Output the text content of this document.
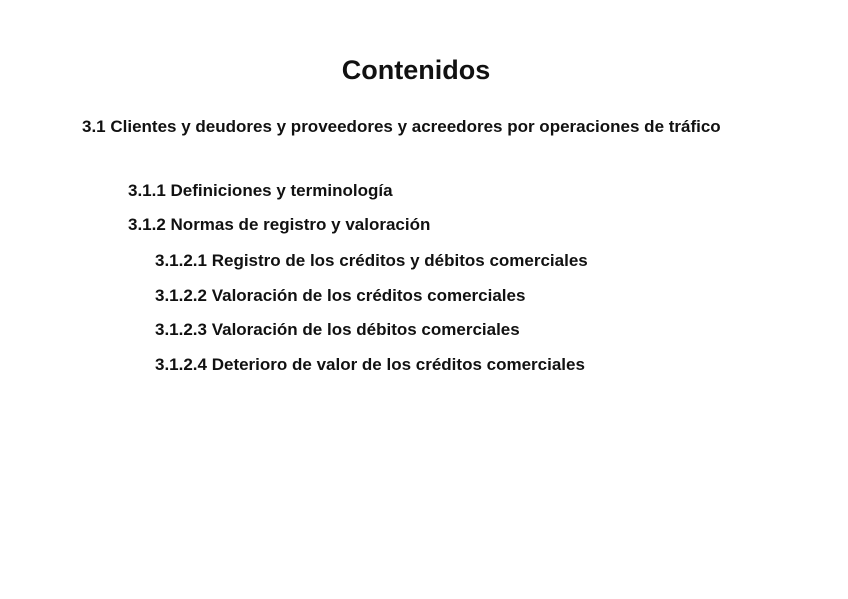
Contenidos
3.1 Clientes y deudores y proveedores y acreedores por operaciones de tráfico
3.1.1 Definiciones y terminología
3.1.2 Normas de registro y valoración
3.1.2.1 Registro de los créditos y débitos comerciales
3.1.2.2 Valoración de los créditos comerciales
3.1.2.3 Valoración de los débitos comerciales
3.1.2.4 Deterioro de valor de los créditos comerciales
